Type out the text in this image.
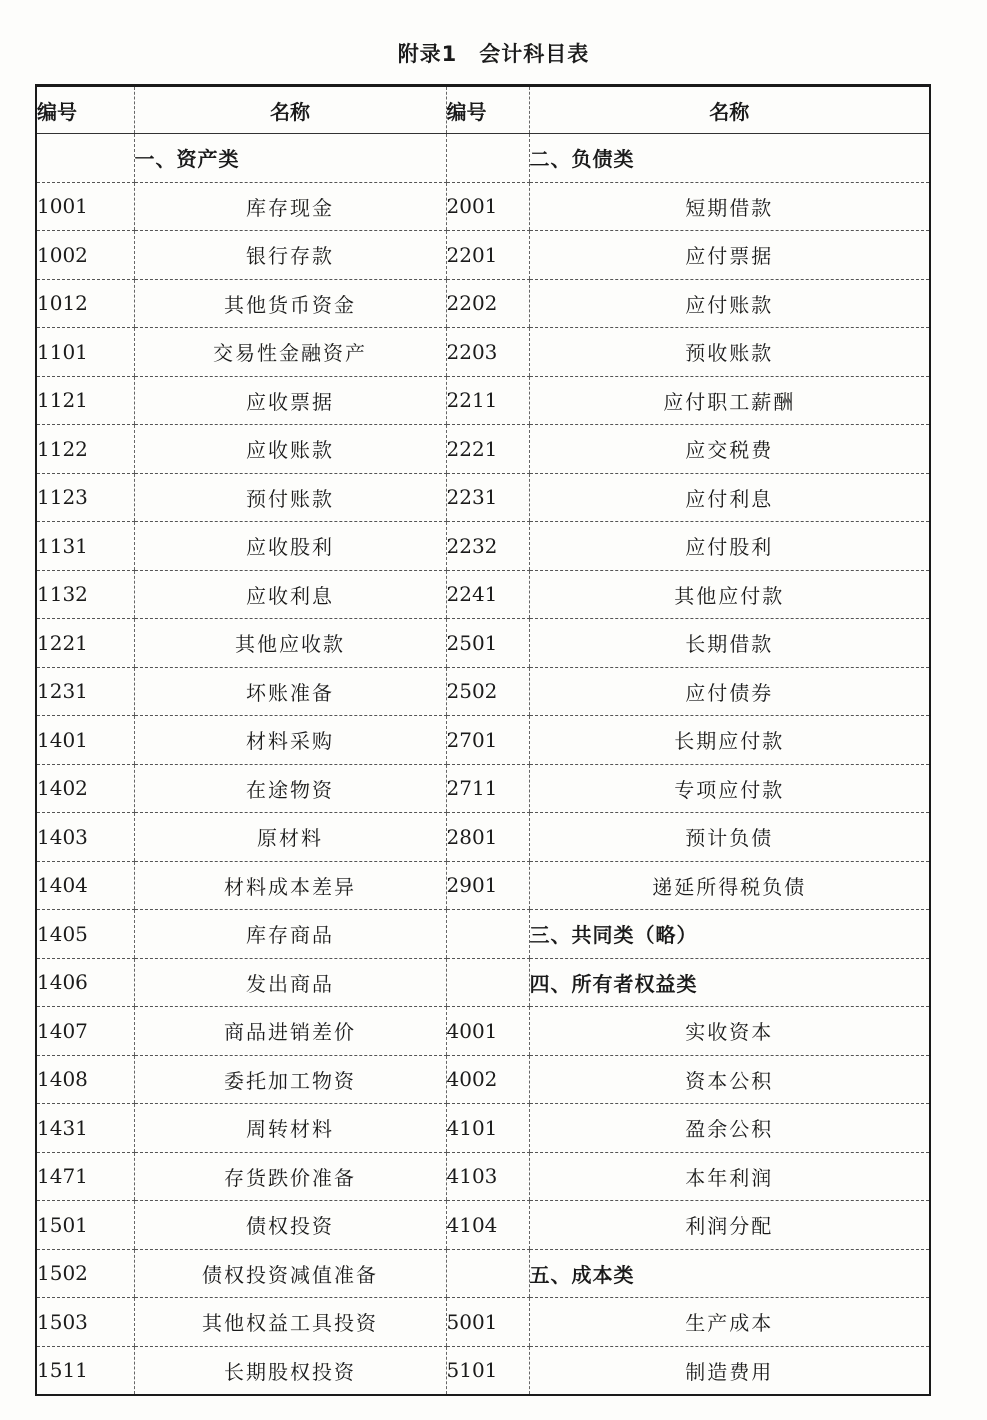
附录1　会计科目表
编号	名称	编号	名称
	一、资产类		二、负债类
1001	库存现金	2001	短期借款
1002	银行存款	2201	应付票据
1012	其他货币资金	2202	应付账款
1101	交易性金融资产	2203	预收账款
1121	应收票据	2211	应付职工薪酬
1122	应收账款	2221	应交税费
1123	预付账款	2231	应付利息
1131	应收股利	2232	应付股利
1132	应收利息	2241	其他应付款
1221	其他应收款	2501	长期借款
1231	坏账准备	2502	应付债券
1401	材料采购	2701	长期应付款
1402	在途物资	2711	专项应付款
1403	原材料	2801	预计负债
1404	材料成本差异	2901	递延所得税负债
1405	库存商品		三、共同类（略）
1406	发出商品		四、所有者权益类
1407	商品进销差价	4001	实收资本
1408	委托加工物资	4002	资本公积
1431	周转材料	4101	盈余公积
1471	存货跌价准备	4103	本年利润
1501	债权投资	4104	利润分配
1502	债权投资减值准备		五、成本类
1503	其他权益工具投资	5001	生产成本
1511	长期股权投资	5101	制造费用
